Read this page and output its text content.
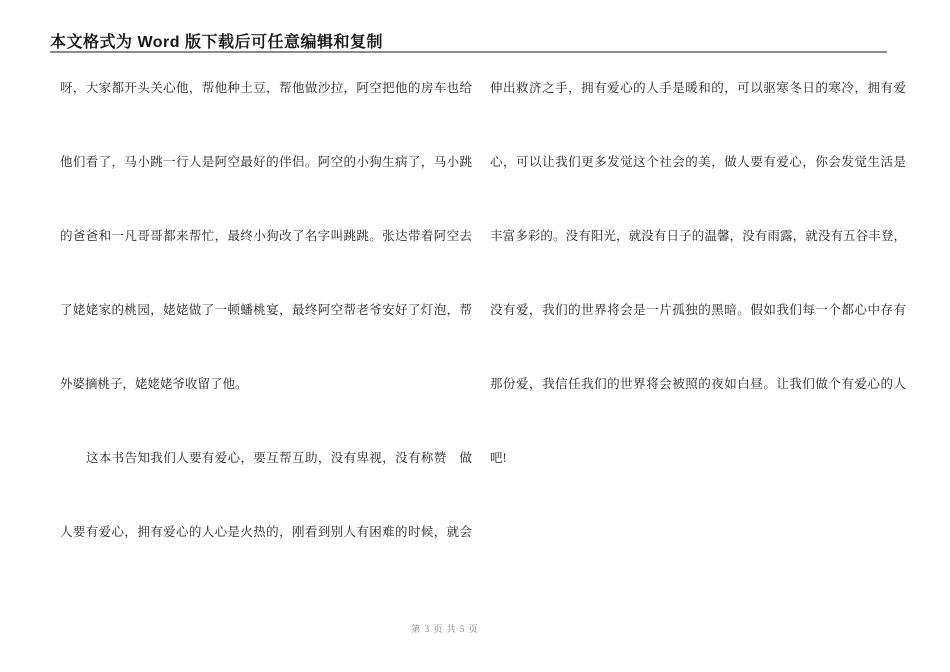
本文格式为 Word 版下载后可任意编辑和复制
呀，大家都开头关心他，帮他种土豆，帮他做沙拉，阿空把他的房车也给
他们看了，马小跳一行人是阿空最好的伴侣。阿空的小狗生病了，马小跳
的爸爸和一凡哥哥都来帮忙，最终小狗改了名字叫跳跳。张达带着阿空去
了姥姥家的桃园，姥姥做了一顿蟠桃宴，最终阿空帮老爷安好了灯泡，帮
外婆摘桃子，姥姥姥爷收留了他。
这本书告知我们人要有爱心，要互帮互助，没有卑视，没有称赞　做
人要有爱心，拥有爱心的人心是火热的，刚看到别人有困难的时候，就会
伸出救济之手，拥有爱心的人手是暖和的，可以驱寒冬日的寒冷，拥有爱
心，可以让我们更多发觉这个社会的美，做人要有爱心，你会发觉生活是
丰富多彩的。没有阳光，就没有日子的温馨，没有雨露，就没有五谷丰登，
没有爱，我们的世界将会是一片孤独的黑暗。假如我们每一个都心中存有
那份爱，我信任我们的世界将会被照的夜如白昼。让我们做个有爱心的人
吧!
第 3 页 共 5 页
